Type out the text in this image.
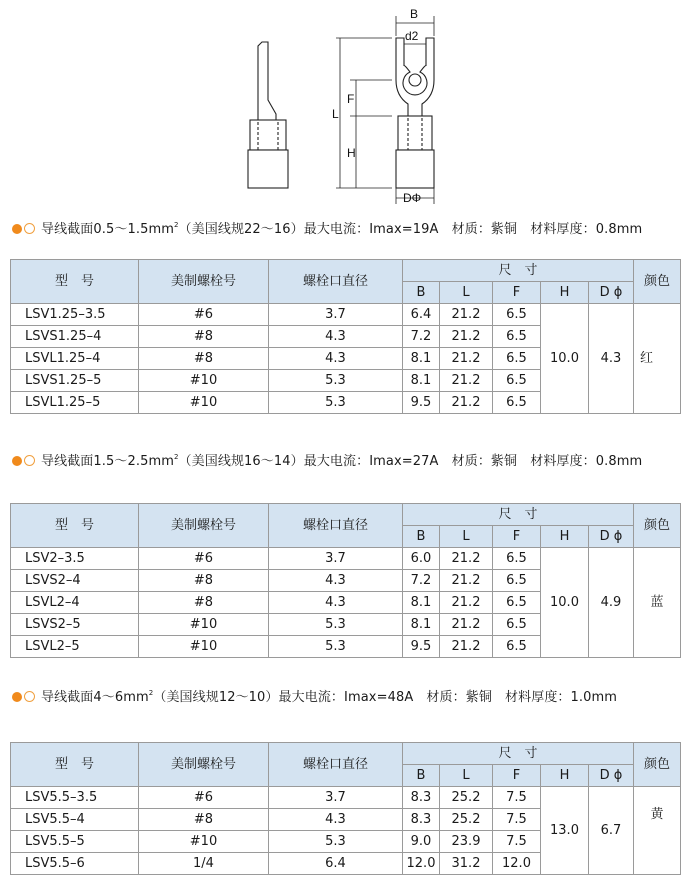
B
d2
L
F
H
DΦ
导线截面$0.5\sim 1.5mm^2$（美国线规22～16）最大电流：Imax=19A　材质：紫铜　材料厚度：0.8mm
型　号	美制螺栓号	螺栓口直径	尺　寸					颜色
			B	L	F	H	D ϕ	
LSV1.25–3.5	#6	3.7	6.4	21.2	6.5	10.0	4.3	红
LSVS1.25–4	#8	4.3	7.2	21.2	6.5			
LSVL1.25–4	#8	4.3	8.1	21.2	6.5			
LSVS1.25–5	#10	5.3	8.1	21.2	6.5			
LSVL1.25–5	#10	5.3	9.5	21.2	6.5			
导线截面$1.5\sim 2.5mm^2$（美国线规16～14）最大电流：Imax=27A　材质：紫铜　材料厚度：0.8mm
型　号	美制螺栓号	螺栓口直径	尺　寸					颜色
			B	L	F	H	D ϕ	
LSV2–3.5	#6	3.7	6.0	21.2	6.5	10.0	4.9	蓝
LSVS2–4	#8	4.3	7.2	21.2	6.5			
LSVL2–4	#8	4.3	8.1	21.2	6.5			
LSVS2–5	#10	5.3	8.1	21.2	6.5			
LSVL2–5	#10	5.3	9.5	21.2	6.5			
导线截面$4\sim 6mm^2$（美国线规12～10）最大电流：Imax=48A　材质：紫铜　材料厚度：1.0mm
型　号	美制螺栓号	螺栓口直径	尺　寸					颜色
			B	L	F	H	D ϕ	
LSV5.5–3.5	#6	3.7	8.3	25.2	7.5	13.0	6.7	黄
LSV5.5–4	#8	4.3	8.3	25.2	7.5			
LSV5.5–5	#10	5.3	9.0	23.9	7.5			
LSV5.5–6	1/4	6.4	12.0	31.2	12.0			
